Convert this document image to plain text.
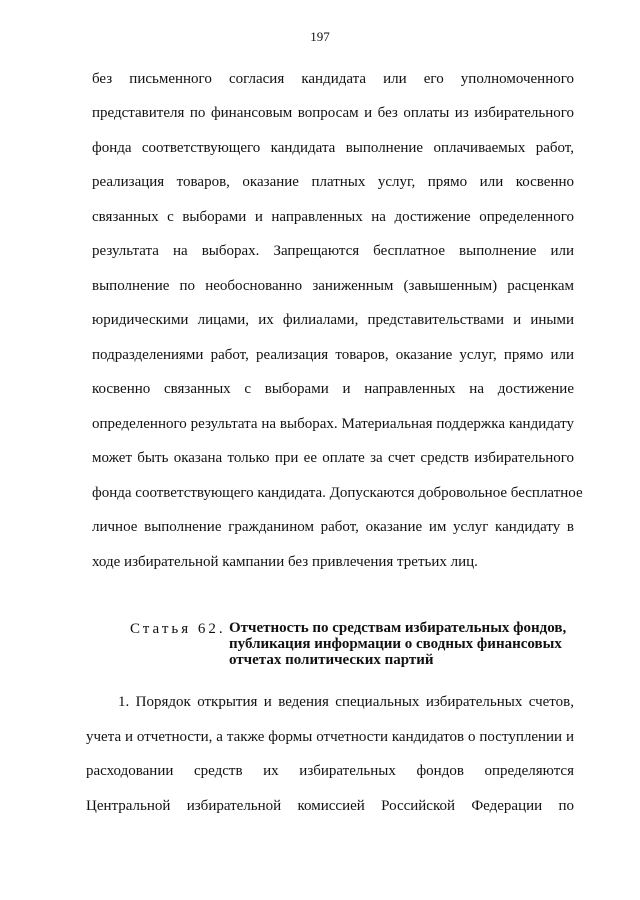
197
без письменного согласия кандидата или его уполномоченного
представителя по финансовым вопросам и без оплаты из избирательного
фонда соответствующего кандидата выполнение оплачиваемых работ,
реализация товаров, оказание платных услуг, прямо или косвенно
связанных с выборами и направленных на достижение определенного
результата на выборах. Запрещаются бесплатное выполнение или
выполнение по необоснованно заниженным (завышенным) расценкам
юридическими лицами, их филиалами, представительствами и иными
подразделениями работ, реализация товаров, оказание услуг, прямо или
косвенно связанных с выборами и направленных на достижение
определенного результата на выборах. Материальная поддержка кандидату
может быть оказана только при ее оплате за счет средств избирательного
фонда соответствующего кандидата. Допускаются добровольное бесплатное
личное выполнение гражданином работ, оказание им услуг кандидату в
ходе избирательной кампании без привлечения третьих лиц.
Статья 62. Отчетность по средствам избирательных фондов,
публикация информации о сводных финансовых
отчетах политических партий
1. Порядок открытия и ведения специальных избирательных счетов,
учета и отчетности, а также формы отчетности кандидатов о поступлении и
расходовании средств их избирательных фондов определяются
Центральной избирательной комиссией Российской Федерации по
